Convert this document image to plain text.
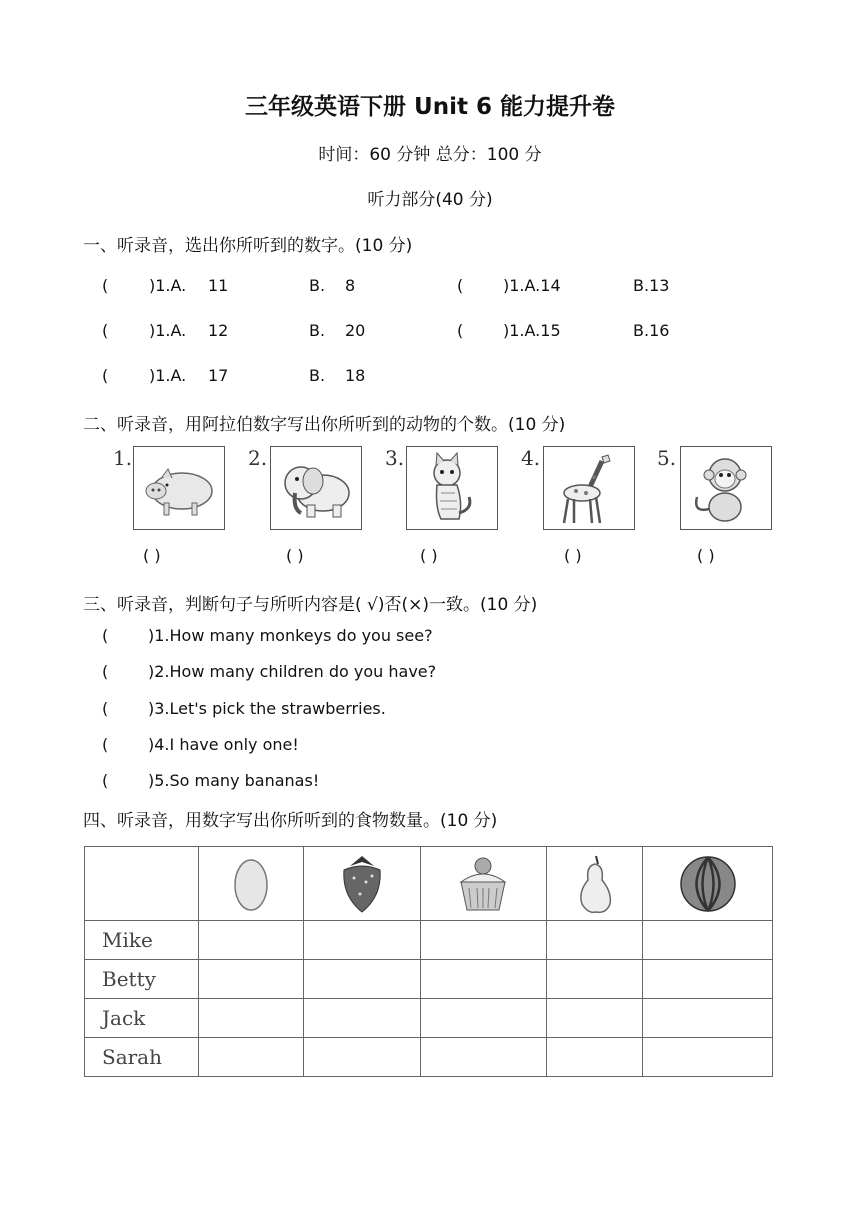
三年级英语下册 Unit 6 能力提升卷
时间：60 分钟 总分：100 分
听力部分(40 分)
一、听录音，选出你所听到的数字。(10 分)
(	)1.A. 11	B. 8	( )1.A.14	B.13
(	)1.A. 12	B. 20	( )1.A.15	B.16
(	)1.A. 17	B. 18
二、听录音，用阿拉伯数字写出你所听到的动物的个数。(10 分)
1.	2.	3.	4.	5.
( )	( )	( )	( )	( )
三、听录音，判断句子与所听内容是( √)否(×)一致。(10 分)
( )1.How many monkeys do you see?
( )2.How many children do you have?
( )3.Let's pick the strawberries.
( )4.I have only one!
( )5.So many bananas!
四、听录音，用数字写出你所听到的食物数量。(10 分)

Mike					
Betty					
Jack					
Sarah					
